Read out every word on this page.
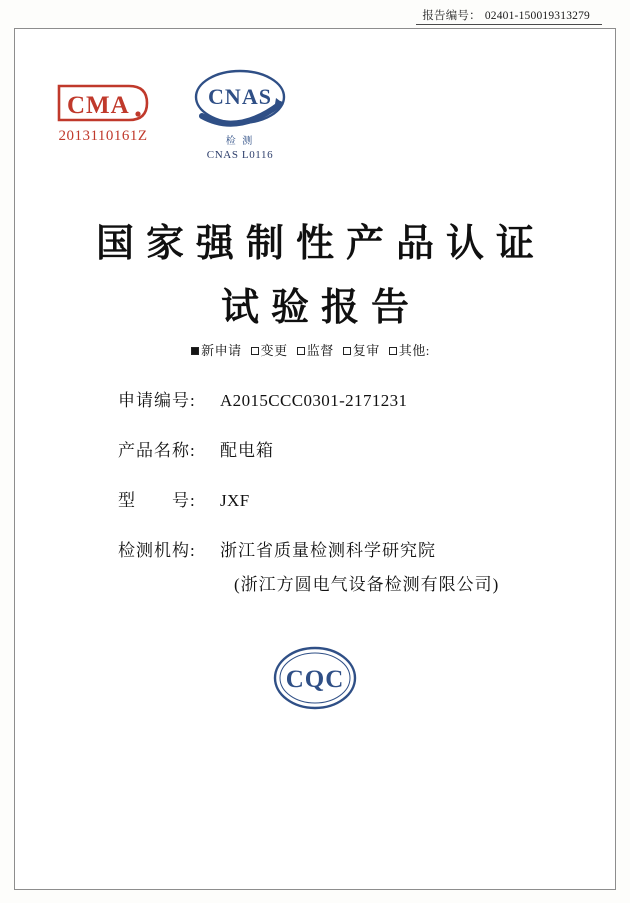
报告编号： 02401-150019313279
CMA
2013110161Z
CNAS
检 测
CNAS L0116
国家强制性产品认证
试验报告
新申请 变更 监督 复审 其他:
申请编号:	A2015CCC0301-2171231
产品名称:	配电箱
型　　号:	JXF
检测机构:	浙江省质量检测科学研究院
(浙江方圆电气设备检测有限公司)
CQC
